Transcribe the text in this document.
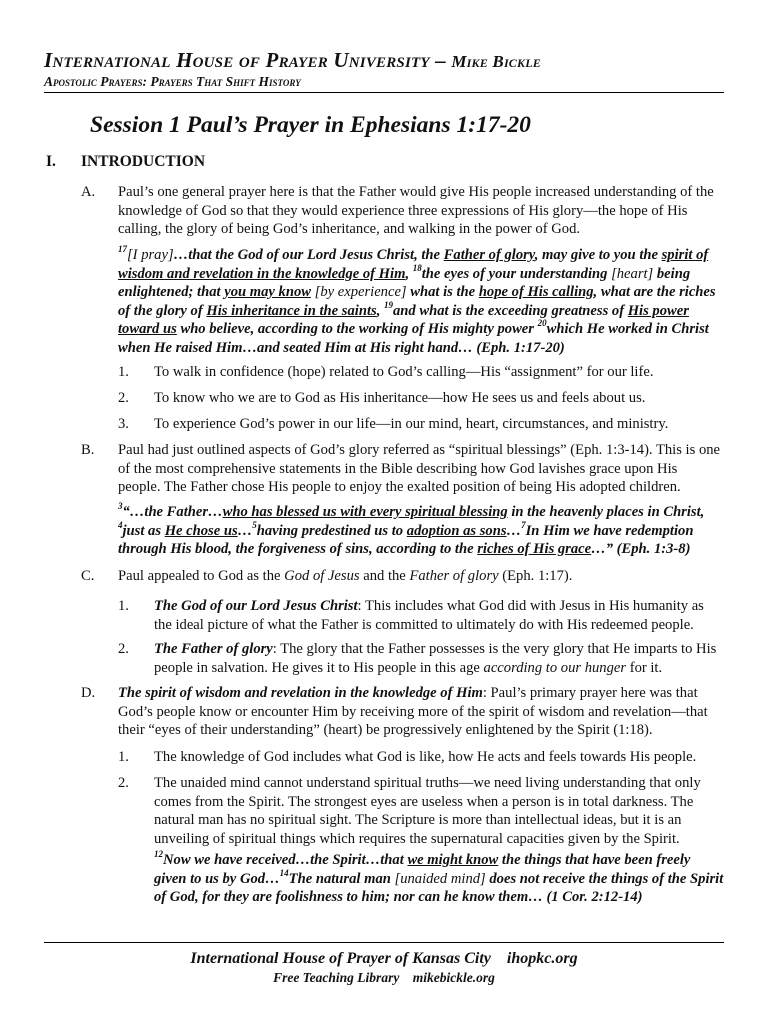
International House of Prayer University – Mike Bickle
Apostolic Prayers: Prayers That Shift History
Session 1 Paul’s Prayer in Ephesians 1:17-20
I. INTRODUCTION
A. Paul’s one general prayer here is that the Father would give His people increased understanding of the knowledge of God so that they would experience three expressions of His glory—the hope of His calling, the glory of being God’s inheritance, and walking in the power of God.
$^{17}$[I pray]…that the God of our Lord Jesus Christ, the Father of glory, may give to you the spirit of wisdom and revelation in the knowledge of Him, $^{18}$the eyes of your understanding [heart] being enlightened; that you may know [by experience] what is the hope of His calling, what are the riches of the glory of His inheritance in the saints, $^{19}$and what is the exceeding greatness of His power toward us who believe, according to the working of His mighty power $^{20}$which He worked in Christ when He raised Him…and seated Him at His right hand… (Eph. 1:17-20)
1. To walk in confidence (hope) related to God’s calling—His “assignment” for our life.
2. To know who we are to God as His inheritance—how He sees us and feels about us.
3. To experience God’s power in our life—in our mind, heart, circumstances, and ministry.
B. Paul had just outlined aspects of God’s glory referred as “spiritual blessings” (Eph. 1:3-14). This is one of the most comprehensive statements in the Bible describing how God lavishes grace upon His people. The Father chose His people to enjoy the exalted position of being His adopted children.
$^3$“…the Father…who has blessed us with every spiritual blessing in the heavenly places in Christ, $^4$just as He chose us…$^5$having predestined us to adoption as sons…$^7$In Him we have redemption through His blood, the forgiveness of sins, according to the riches of His grace…” (Eph. 1:3-8)
C. Paul appealed to God as the God of Jesus and the Father of glory (Eph. 1:17).
1. The God of our Lord Jesus Christ: This includes what God did with Jesus in His humanity as the ideal picture of what the Father is committed to ultimately do with His redeemed people.
2. The Father of glory: The glory that the Father possesses is the very glory that He imparts to His people in salvation. He gives it to His people in this age according to our hunger for it.
D. The spirit of wisdom and revelation in the knowledge of Him: Paul’s primary prayer here was that God’s people know or encounter Him by receiving more of the spirit of wisdom and revelation—that their “eyes of their understanding” (heart) be progressively enlightened by the Spirit (1:18).
1. The knowledge of God includes what God is like, how He acts and feels towards His people.
2. The unaided mind cannot understand spiritual truths—we need living understanding that only comes from the Spirit. The strongest eyes are useless when a person is in total darkness. The natural man has no spiritual sight. The Scripture is more than intellectual ideas, but it is an unveiling of spiritual things which requires the supernatural capacities given by the Spirit.
$^{12}$Now we have received…the Spirit…that we might know the things that have been freely given to us by God…$^{14}$The natural man [unaided mind] does not receive the things of the Spirit of God, for they are foolishness to him; nor can he know them… (1 Cor. 2:12-14)
International House of Prayer of Kansas City    ihopkc.org
Free Teaching Library    mikebickle.org
